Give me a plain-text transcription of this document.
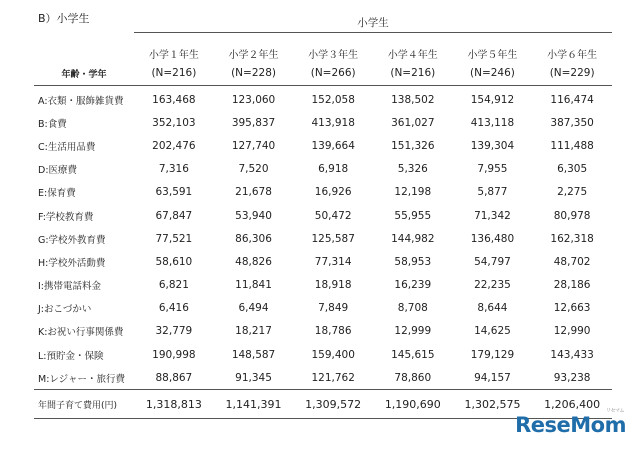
B）小学生
		小学生					
	小学１年生	小学２年生	小学３年生	小学４年生	小学５年生	小学６年生
年齢・学年	(N=216)	(N=228)	(N=266)	(N=216)	(N=246)	(N=229)
A:衣類・服飾雑貨費	163,468	123,060	152,058	138,502	154,912	116,474
B:食費	352,103	395,837	413,918	361,027	413,118	387,350
C:生活用品費	202,476	127,740	139,664	151,326	139,304	111,488
D:医療費	7,316	7,520	6,918	5,326	7,955	6,305
E:保育費	63,591	21,678	16,926	12,198	5,877	2,275
F:学校教育費	67,847	53,940	50,472	55,955	71,342	80,978
G:学校外教育費	77,521	86,306	125,587	144,982	136,480	162,318
H:学校外活動費	58,610	48,826	77,314	58,953	54,797	48,702
I:携帯電話料金	6,821	11,841	18,918	16,239	22,235	28,186
J:おこづかい	6,416	6,494	7,849	8,708	8,644	12,663
K:お祝い行事関係費	32,779	18,217	18,786	12,999	14,625	12,990
L:預貯金・保険	190,998	148,587	159,400	145,615	179,129	143,433
M:レジャー・旅行費	88,867	91,345	121,762	78,860	94,157	93,238
年間子育て費用(円)	1,318,813	1,141,391	1,309,572	1,190,690	1,302,575	1,206,400
ReseMom
リセマム
